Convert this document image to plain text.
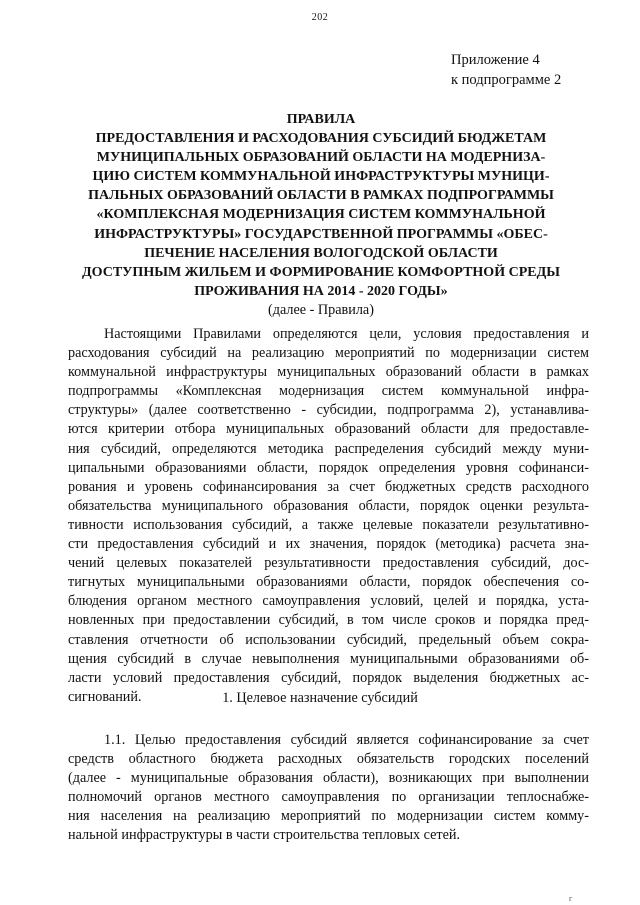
202
Приложение 4
к подпрограмме 2
ПРАВИЛА
ПРЕДОСТАВЛЕНИЯ И РАСХОДОВАНИЯ СУБСИДИЙ БЮДЖЕТАМ
МУНИЦИПАЛЬНЫХ ОБРАЗОВАНИЙ ОБЛАСТИ НА МОДЕРНИЗА-
ЦИЮ СИСТЕМ КОММУНАЛЬНОЙ ИНФРАСТРУКТУРЫ МУНИЦИ-
ПАЛЬНЫХ ОБРАЗОВАНИЙ ОБЛАСТИ В РАМКАХ ПОДПРОГРАММЫ
«КОМПЛЕКСНАЯ МОДЕРНИЗАЦИЯ СИСТЕМ КОММУНАЛЬНОЙ
ИНФРАСТРУКТУРЫ» ГОСУДАРСТВЕННОЙ ПРОГРАММЫ «ОБЕС-
ПЕЧЕНИЕ НАСЕЛЕНИЯ ВОЛОГОДСКОЙ ОБЛАСТИ
ДОСТУПНЫМ ЖИЛЬЕМ И ФОРМИРОВАНИЕ КОМФОРТНОЙ СРЕДЫ
ПРОЖИВАНИЯ НА 2014 - 2020 ГОДЫ»
(далее - Правила)
Настоящими Правилами определяются цели, условия предоставления и
расходования субсидий на реализацию мероприятий по модернизации систем
коммунальной инфраструктуры муниципальных образований области в рамках
подпрограммы «Комплексная модернизация систем коммунальной инфра-
структуры» (далее соответственно - субсидии, подпрограмма 2), устанавлива-
ются критерии отбора муниципальных образований области для предоставле-
ния субсидий, определяются методика распределения субсидий между муни-
ципальными образованиями области, порядок определения уровня софинанси-
рования и уровень софинансирования за счет бюджетных средств расходного
обязательства муниципального образования области, порядок оценки результа-
тивности использования субсидий, а также целевые показатели результативно-
сти предоставления субсидий и их значения, порядок (методика) расчета зна-
чений целевых показателей результативности предоставления субсидий, дос-
тигнутых муниципальными образованиями области, порядок обеспечения со-
блюдения органом местного самоуправления условий, целей и порядка, уста-
новленных при предоставлении субсидий, в том числе сроков и порядка пред-
ставления отчетности об использовании субсидий, предельный объем сокра-
щения субсидий в случае невыполнения муниципальными образованиями об-
ласти условий предоставления субсидий, порядок выделения бюджетных ас-
сигнований.	1. Целевое назначение субсидий
1.1. Целью предоставления субсидий является софинансирование за счет
средств областного бюджета расходных обязательств городских поселений
(далее - муниципальные образования области), возникающих при выполнении
полномочий органов местного самоуправления по организации теплоснабже-
ния населения на реализацию мероприятий по модернизации систем комму-
нальной инфраструктуры в части строительства тепловых сетей.
г
